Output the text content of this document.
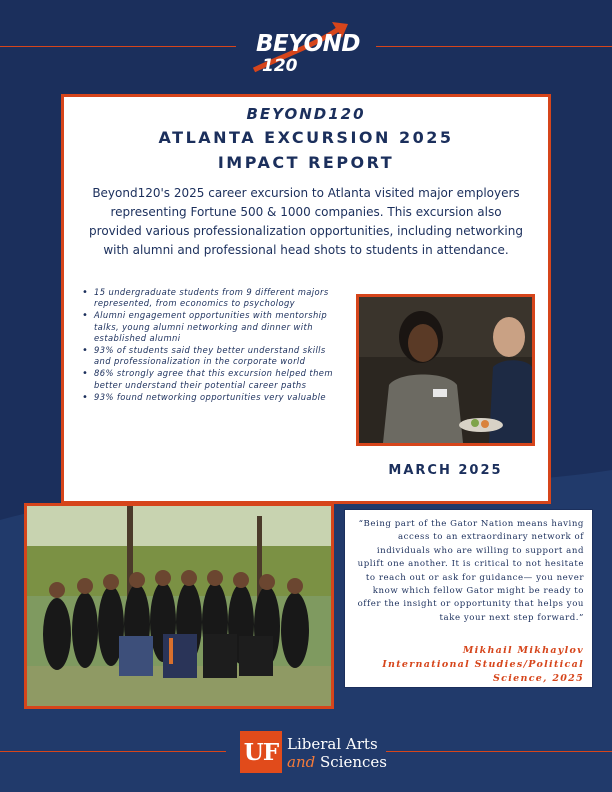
BEYOND
120
BEYOND120
ATLANTA EXCURSION 2025
IMPACT REPORT
Beyond120's 2025 career excursion to Atlanta visited major employers representing Fortune 500 & 1000 companies. This excursion also provided various professionalization opportunities, including networking with alumni and professional head shots to students in attendance.
• 15 undergraduate students from 9 different majors represented, from economics to psychology
• Alumni engagement opportunities with mentorship talks, young alumni networking and dinner with established alumni
• 93% of students said they better understand skills and professionalization in the corporate world
• 86% strongly agree that this excursion helped them better understand their potential career paths
• 93% found networking opportunities very valuable
MARCH 2025
“Being part of the Gator Nation means having access to an extraordinary network of individuals who are willing to support and uplift one another. It is critical to not hesitate to reach out or ask for guidance— you never know which fellow Gator might be ready to offer the insight or opportunity that helps you take your next step forward.”
Mikhail Mikhaylov
International Studies/Political Science, 2025
UF Liberal Arts
and Sciences
